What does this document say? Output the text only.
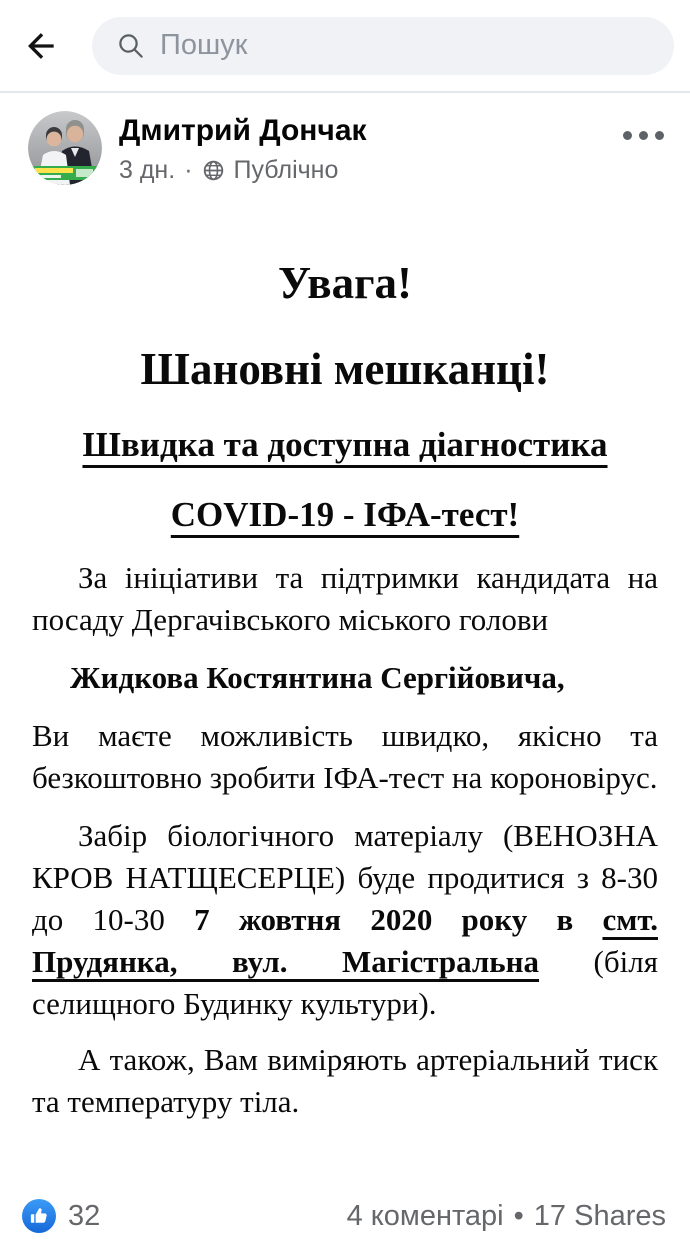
Пошук
Дмитрий Дончак
3 дн. · Публічно
Увага!
Шановні мешканці!
Швидка та доступна діагностика
COVID-19 - ІФА-тест!

За ініціативи та підтримки кандидата на посаду Дергачівського міського голови

Жидкова Костянтина Сергійовича,

Ви маєте можливість швидко, якісно та безкоштовно зробити ІФА-тест на короновірус.

Забір біологічного матеріалу (ВЕНОЗНА КРОВ НАТЩЕСЕРЦЕ) буде продитися з 8-30 до 10-30 7 жовтня 2020 року в смт. Прудянка, вул. Магістральна (біля селищного Будинку культури).

А також, Вам виміряють артеріальний тиск та температуру тіла.

32	4 коментарі • 17 Shares
